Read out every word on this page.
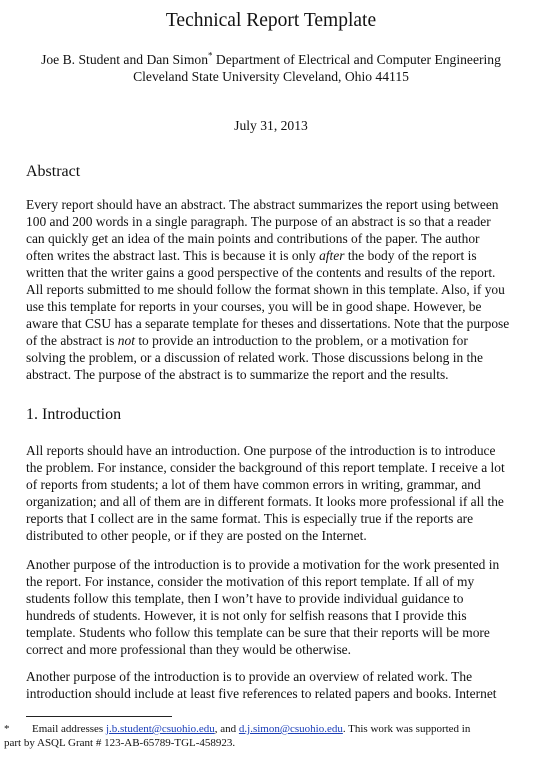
Technical Report Template
Joe B. Student and Dan Simon* Department of Electrical and Computer Engineering
Cleveland State University Cleveland, Ohio 44115
July 31, 2013
Abstract
Every report should have an abstract. The abstract summarizes the report using between
100 and 200 words in a single paragraph. The purpose of an abstract is so that a reader
can quickly get an idea of the main points and contributions of the paper. The author
often writes the abstract last. This is because it is only after the body of the report is
written that the writer gains a good perspective of the contents and results of the report.
All reports submitted to me should follow the format shown in this template. Also, if you
use this template for reports in your courses, you will be in good shape. However, be
aware that CSU has a separate template for theses and dissertations. Note that the purpose
of the abstract is not to provide an introduction to the problem, or a motivation for
solving the problem, or a discussion of related work. Those discussions belong in the
abstract. The purpose of the abstract is to summarize the report and the results.
1. Introduction
All reports should have an introduction. One purpose of the introduction is to introduce
the problem. For instance, consider the background of this report template. I receive a lot
of reports from students; a lot of them have common errors in writing, grammar, and
organization; and all of them are in different formats. It looks more professional if all the
reports that I collect are in the same format. This is especially true if the reports are
distributed to other people, or if they are posted on the Internet.
Another purpose of the introduction is to provide a motivation for the work presented in
the report. For instance, consider the motivation of this report template. If all of my
students follow this template, then I won’t have to provide individual guidance to
hundreds of students. However, it is not only for selfish reasons that I provide this
template. Students who follow this template can be sure that their reports will be more
correct and more professional than they would be otherwise.
Another purpose of the introduction is to provide an overview of related work. The
introduction should include at least five references to related papers and books. Internet
* Email addresses j.b.student@csuohio.edu, and d.j.simon@csuohio.edu. This work was supported in
part by ASQL Grant # 123-AB-65789-TGL-458923.
